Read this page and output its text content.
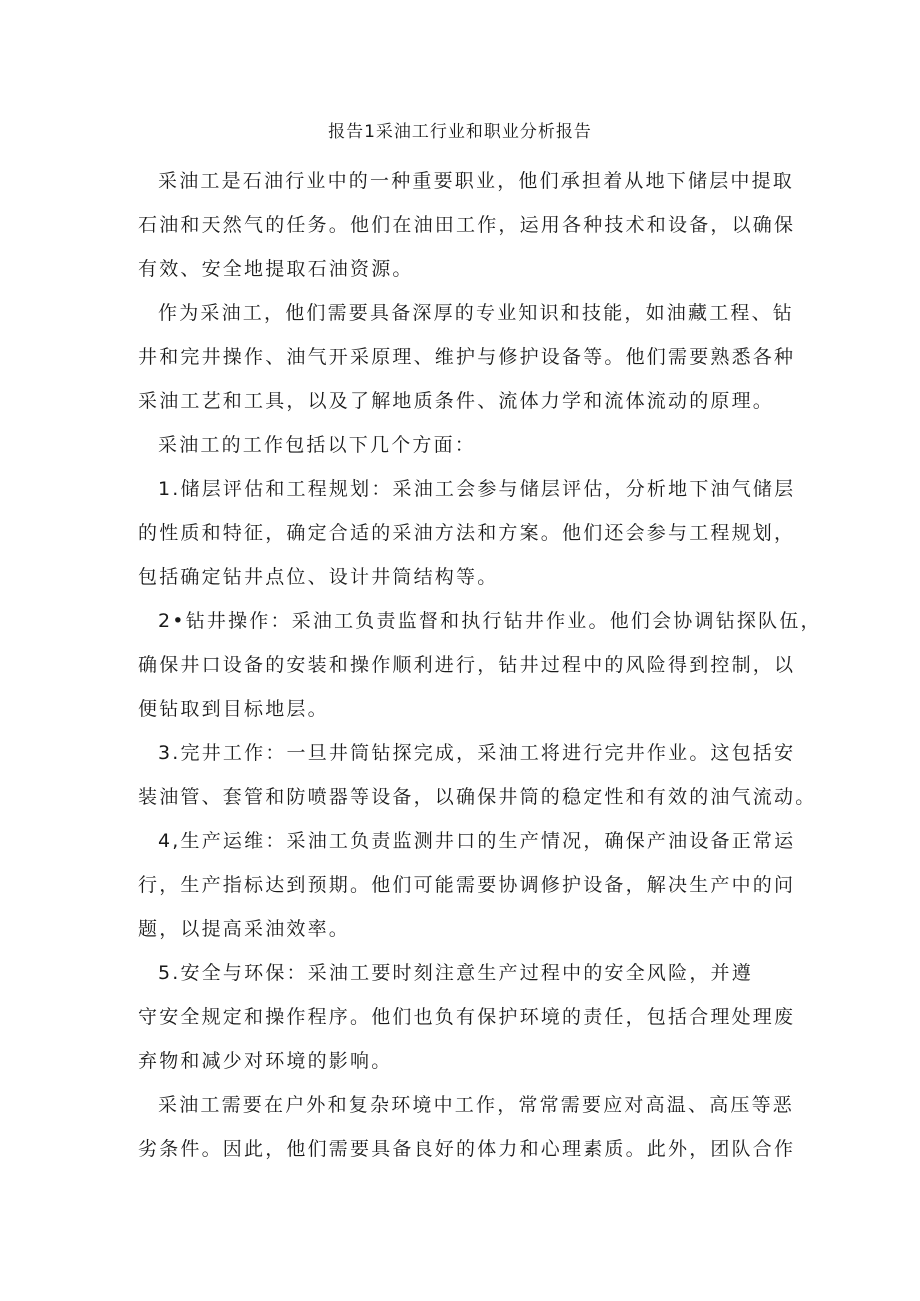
报告1采油工行业和职业分析报告
采油工是石油行业中的一种重要职业，他们承担着从地下储层中提取
石油和天然气的任务。他们在油田工作，运用各种技术和设备，以确保
有效、安全地提取石油资源。
作为采油工，他们需要具备深厚的专业知识和技能，如油藏工程、钻
井和完井操作、油气开采原理、维护与修护设备等。他们需要熟悉各种
采油工艺和工具，以及了解地质条件、流体力学和流体流动的原理。
采油工的工作包括以下几个方面：
1.储层评估和工程规划：采油工会参与储层评估，分析地下油气储层
的性质和特征，确定合适的采油方法和方案。他们还会参与工程规划，
包括确定钻井点位、设计井筒结构等。
2•钻井操作：采油工负责监督和执行钻井作业。他们会协调钻探队伍，
确保井口设备的安装和操作顺利进行，钻井过程中的风险得到控制，以
便钻取到目标地层。
3.完井工作：一旦井筒钻探完成，采油工将进行完井作业。这包括安
装油管、套管和防喷器等设备，以确保井筒的稳定性和有效的油气流动。
4,生产运维：采油工负责监测井口的生产情况，确保产油设备正常运
行，生产指标达到预期。他们可能需要协调修护设备，解决生产中的问
题，以提高采油效率。
5.安全与环保：采油工要时刻注意生产过程中的安全风险，并遵
守安全规定和操作程序。他们也负有保护环境的责任，包括合理处理废
弃物和减少对环境的影响。
采油工需要在户外和复杂环境中工作，常常需要应对高温、高压等恶
劣条件。因此，他们需要具备良好的体力和心理素质。此外，团队合作
